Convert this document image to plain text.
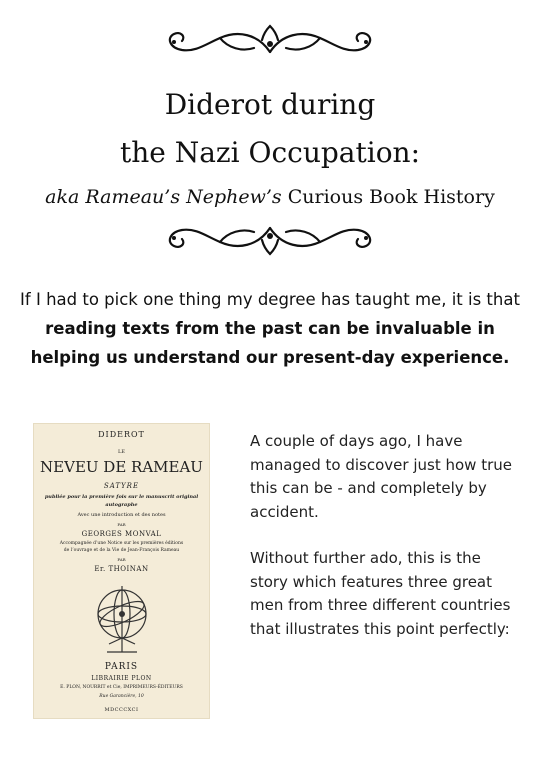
Diderot during
the Nazi Occupation:
aka Rameau’s Nephew’s Curious Book History
If I had to pick one thing my degree has taught me, it is that reading texts from the past can be invaluable in helping us understand our present-day experience.
DIDEROT
LE
NEVEU DE RAMEAU
SATYRE
publiée pour la première fois sur le manuscrit original
autographe
Avec une introduction et des notes
PAR
GEORGES MONVAL
Accompagnée d’une Notice sur les premières éditions
de l’ouvrage et de la Vie de Jean-François Rameau
PAR
Er. THOINAN
PARIS
LIBRAIRIE PLON
E. PLON, NOURRIT et Cie, IMPRIMEURS-ÉDITEURS
Rue Garancière, 10
MDCCCXCI

A couple of days ago, I have managed to discover just how true this can be - and completely by accident.

Without further ado, this is the story which features three great men from three different countries that illustrates this point perfectly:
